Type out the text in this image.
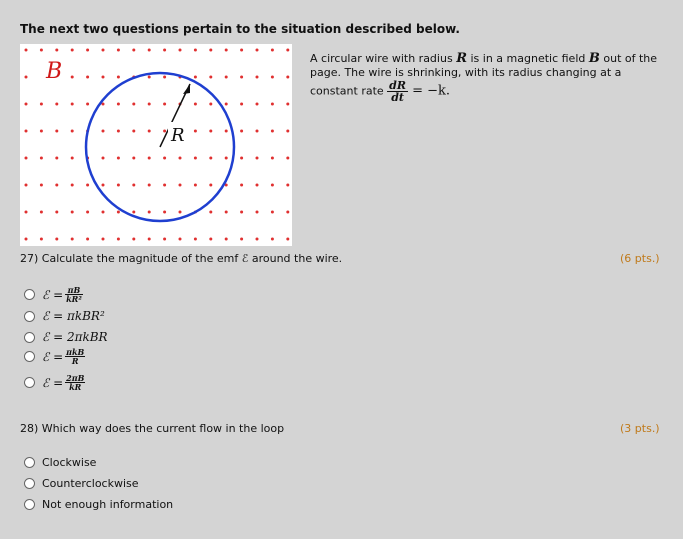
The next two questions pertain to the situation described below.
B
R
A circular wire with radius R is in a magnetic field B out of the page. The wire is shrinking, with its radius changing at a constant rate $\frac{dR}{dt} = -k$.
27) Calculate the magnitude of the emf ℰ around the wire.	(6 pts.)
ℰ = $\frac{\pi B}{\text{kR²}}$
ℰ = πkBR²
ℰ = 2πkBR
ℰ = $\frac{\text{πkB}}{R}$
ℰ = $\frac{2\pi B}{kR}$
28) Which way does the current flow in the loop	(3 pts.)
Clockwise
Counterclockwise
Not enough information
